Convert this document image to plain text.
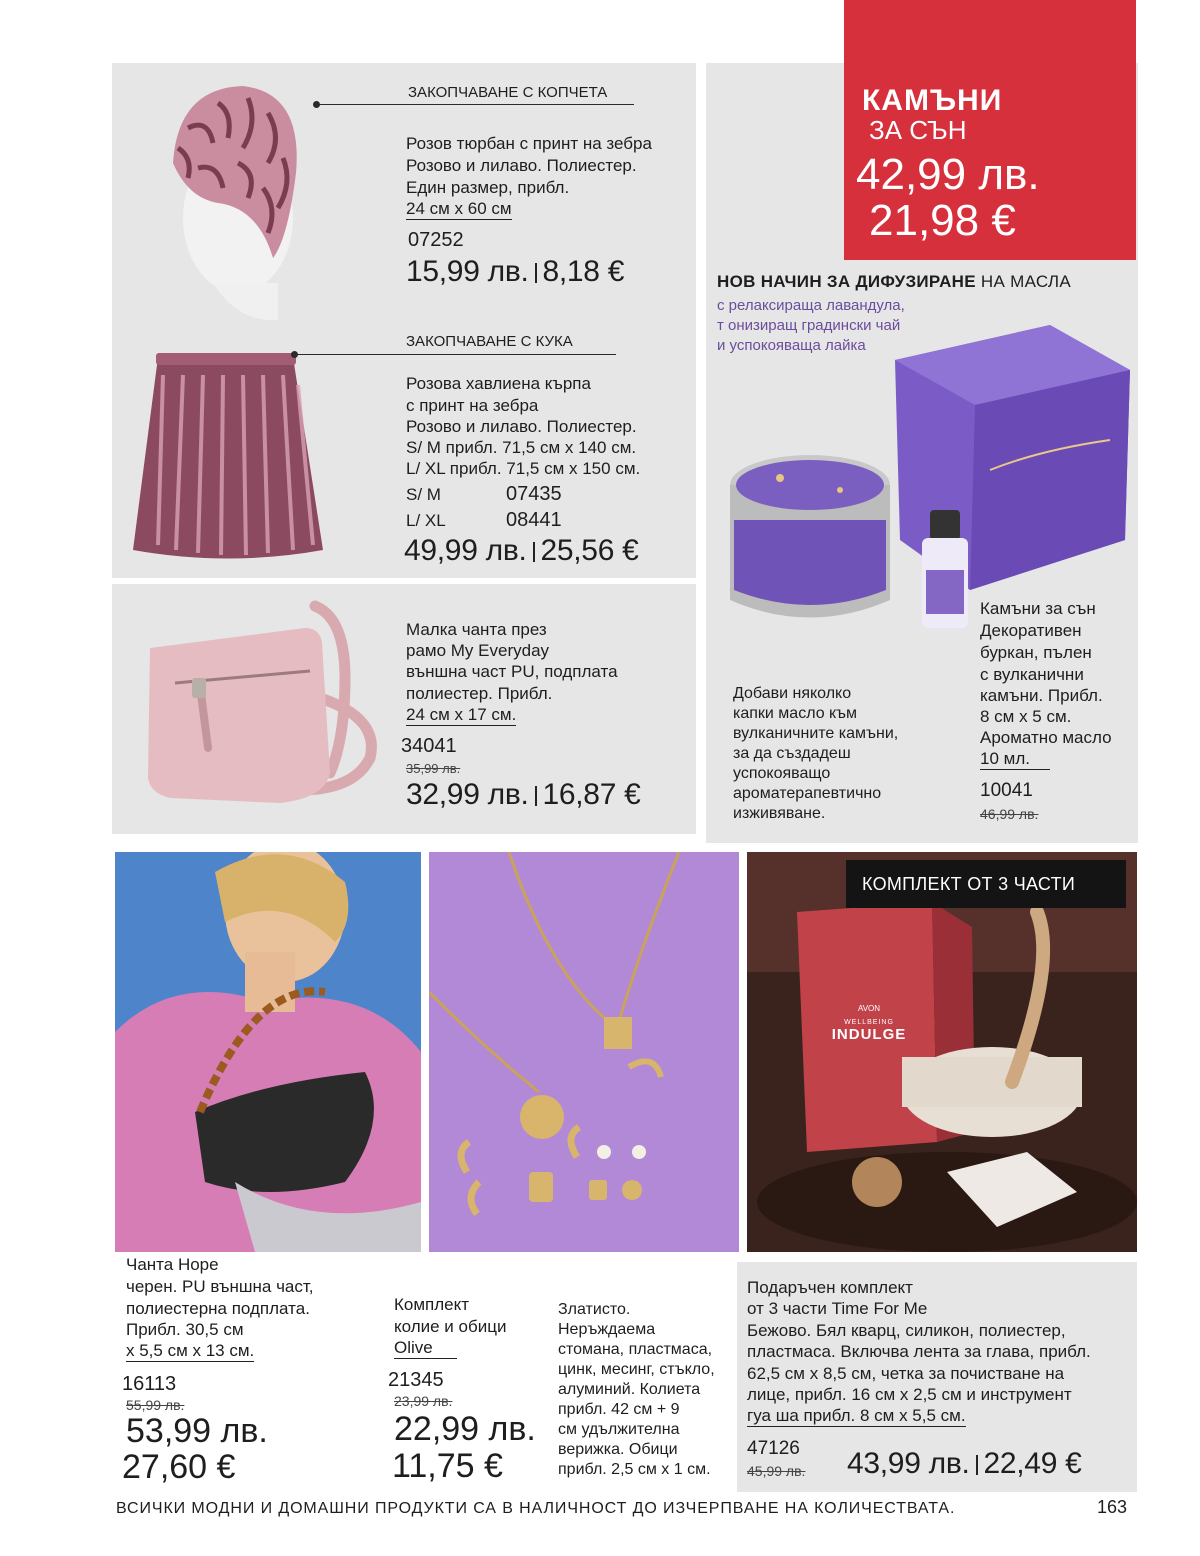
ЗАКОПЧАВАНЕ С КОПЧЕТА
Розов тюрбан с принт на зебра
Розово и лилаво. Полиестер.
Един размер, прибл.
24 см х 60 см
07252
15,99 лв. 8,18 €
ЗАКОПЧАВАНЕ С КУКА
Розова хавлиена кърпа
с принт на зебра
Розово и лилаво. Полиестер.
S/ M прибл. 71,5 см х 140 см.
L/ XL прибл. 71,5 см х 150 см.
S/ M	07435
L/ XL	08441
49,99 лв. 25,56 €
Малка чанта през
рамо My Everyday
външна част PU, подплата
полиестер. Прибл.
24 см х 17 см.
34041
35,99 лв.
32,99 лв. 16,87 €
КАМЪНИ
ЗА СЪН
42,99 лв.
21,98 €
НОВ НАЧИН ЗА ДИФУЗИРАНЕ НА МАСЛА
с релаксираща лавандула,
т онизиращ градински чай
и успокояваща лайка
Добави няколко
капки масло към
вулканичните камъни,
за да създадеш
успокояващо
ароматерапевтично
изживяване.
Камъни за сън
Декоративен
буркан, пълен
с вулканични
камъни. Прибл.
8 см х 5 см.
Ароматно масло
10 мл.
10041
46,99 лв.
AVON
WELLBEING
INDULGE
КОМПЛЕКТ ОТ 3 ЧАСТИ
Чанта Hope
черен. PU външна част,
полиестерна подплата.
Прибл. 30,5 см
х 5,5 см х 13 см.
16113
55,99 лв.
53,99 лв.
27,60 €
Комплект
колие и обици
Olive
21345
23,99 лв.
22,99 лв.
11,75 €
Златисто.
Неръждаема
стомана, пластмаса,
цинк, месинг, стъкло,
алуминий. Колиета
прибл. 42 см + 9
см удължителна
верижка. Обици
прибл. 2,5 см х 1 см.
Подаръчен комплект
от 3 части Time For Me
Бежово. Бял кварц, силикон, полиестер,
пластмаса. Включва лента за глава, прибл.
62,5 см х 8,5 см, четка за почистване на
лице, прибл. 16 см х 2,5 см и инструмент
гуа ша прибл. 8 см х 5,5 см.
47126
45,99 лв. 43,99 лв. 22,49 €
ВСИЧКИ МОДНИ И ДОМАШНИ ПРОДУКТИ СА В НАЛИЧНОСТ ДО ИЗЧЕРПВАНЕ НА КОЛИЧЕСТВАТА.	163
